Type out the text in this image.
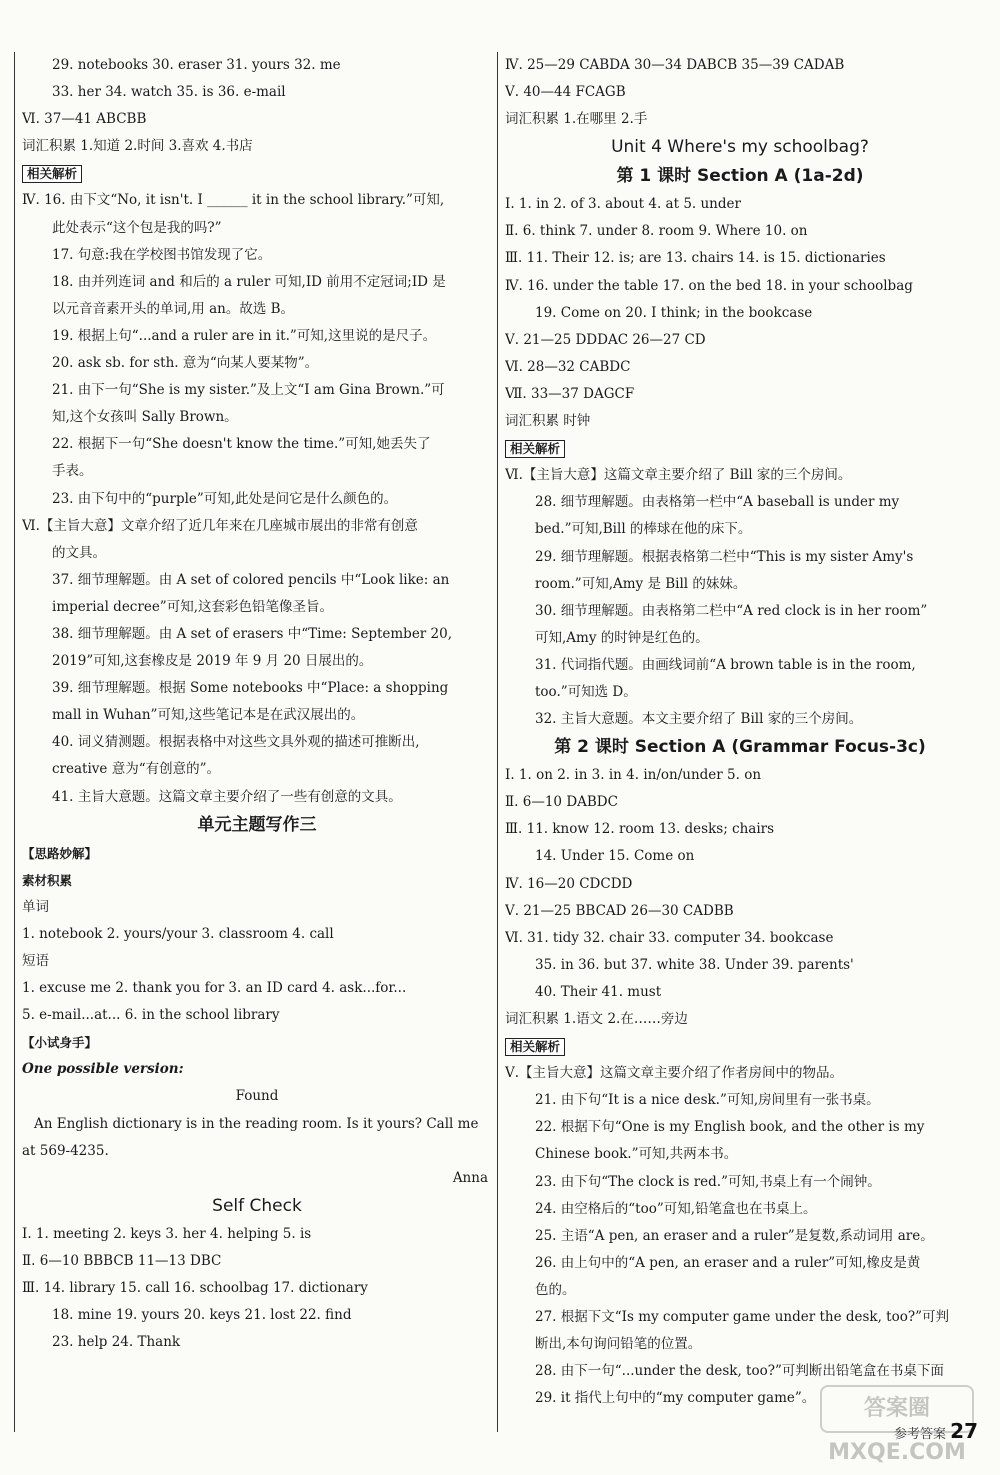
29. notebooks 30. eraser 31. yours 32. me
33. her 34. watch 35. is 36. e-mail
Ⅵ. 37—41 ABCBB
词汇积累 1.知道 2.时间 3.喜欢 4.书店
相关解析
Ⅳ. 16. 由下文“No, it isn't. I ______ it in the school library.”可知,
此处表示“这个包是我的吗?”
17. 句意:我在学校图书馆发现了它。
18. 由并列连词 and 和后的 a ruler 可知,ID 前用不定冠词;ID 是
以元音音素开头的单词,用 an。故选 B。
19. 根据上句“...and a ruler are in it.”可知,这里说的是尺子。
20. ask sb. for sth. 意为“向某人要某物”。
21. 由下一句“She is my sister.”及上文“I am Gina Brown.”可
知,这个女孩叫 Sally Brown。
22. 根据下一句“She doesn't know the time.”可知,她丢失了
手表。
23. 由下句中的“purple”可知,此处是问它是什么颜色的。
Ⅵ.【主旨大意】文章介绍了近几年来在几座城市展出的非常有创意
的文具。
37. 细节理解题。由 A set of colored pencils 中“Look like: an
imperial decree”可知,这套彩色铅笔像圣旨。
38. 细节理解题。由 A set of erasers 中“Time: September 20,
2019”可知,这套橡皮是 2019 年 9 月 20 日展出的。
39. 细节理解题。根据 Some notebooks 中“Place: a shopping
mall in Wuhan”可知,这些笔记本是在武汉展出的。
40. 词义猜测题。根据表格中对这些文具外观的描述可推断出,
creative 意为“有创意的”。
41. 主旨大意题。这篇文章主要介绍了一些有创意的文具。
单元主题写作三
【思路妙解】
素材积累
单词
1. notebook 2. yours/your 3. classroom 4. call
短语
1. excuse me 2. thank you for 3. an ID card 4. ask...for...
5. e-mail...at... 6. in the school library
【小试身手】
One possible version:
Found
An English dictionary is in the reading room. Is it yours? Call me
at 569-4235.
Anna
Self Check
Ⅰ. 1. meeting 2. keys 3. her 4. helping 5. is
Ⅱ. 6—10 BBBCB 11—13 DBC
Ⅲ. 14. library 15. call 16. schoolbag 17. dictionary
18. mine 19. yours 20. keys 21. lost 22. find
23. help 24. Thank
Ⅳ. 25—29 CABDA 30—34 DABCB 35—39 CADAB
Ⅴ. 40—44 FCAGB
词汇积累 1.在哪里 2.手
Unit 4 Where's my schoolbag?
第 1 课时 Section A (1a-2d)
Ⅰ. 1. in 2. of 3. about 4. at 5. under
Ⅱ. 6. think 7. under 8. room 9. Where 10. on
Ⅲ. 11. Their 12. is; are 13. chairs 14. is 15. dictionaries
Ⅳ. 16. under the table 17. on the bed 18. in your schoolbag
19. Come on 20. I think; in the bookcase
Ⅴ. 21—25 DDDAC 26—27 CD
Ⅵ. 28—32 CABDC
Ⅶ. 33—37 DAGCF
词汇积累 时钟
相关解析
Ⅵ.【主旨大意】这篇文章主要介绍了 Bill 家的三个房间。
28. 细节理解题。由表格第一栏中“A baseball is under my
bed.”可知,Bill 的棒球在他的床下。
29. 细节理解题。根据表格第二栏中“This is my sister Amy's
room.”可知,Amy 是 Bill 的妹妹。
30. 细节理解题。由表格第二栏中“A red clock is in her room”
可知,Amy 的时钟是红色的。
31. 代词指代题。由画线词前“A brown table is in the room,
too.”可知选 D。
32. 主旨大意题。本文主要介绍了 Bill 家的三个房间。
第 2 课时 Section A (Grammar Focus-3c)
Ⅰ. 1. on 2. in 3. in 4. in/on/under 5. on
Ⅱ. 6—10 DABDC
Ⅲ. 11. know 12. room 13. desks; chairs
14. Under 15. Come on
Ⅳ. 16—20 CDCDD
Ⅴ. 21—25 BBCAD 26—30 CADBB
Ⅵ. 31. tidy 32. chair 33. computer 34. bookcase
35. in 36. but 37. white 38. Under 39. parents'
40. Their 41. must
词汇积累 1.语文 2.在……旁边
相关解析
Ⅴ.【主旨大意】这篇文章主要介绍了作者房间中的物品。
21. 由下句“It is a nice desk.”可知,房间里有一张书桌。
22. 根据下句“One is my English book, and the other is my
Chinese book.”可知,共两本书。
23. 由下句“The clock is red.”可知,书桌上有一个闹钟。
24. 由空格后的“too”可知,铅笔盒也在书桌上。
25. 主语“A pen, an eraser and a ruler”是复数,系动词用 are。
26. 由上句中的“A pen, an eraser and a ruler”可知,橡皮是黄
色的。
27. 根据下文“Is my computer game under the desk, too?”可判
断出,本句询问铅笔的位置。
28. 由下一句“...under the desk, too?”可判断出铅笔盒在书桌下面
29. it 指代上句中的“my computer game”。	答案圈 MXQE.COM
参考答案 27
